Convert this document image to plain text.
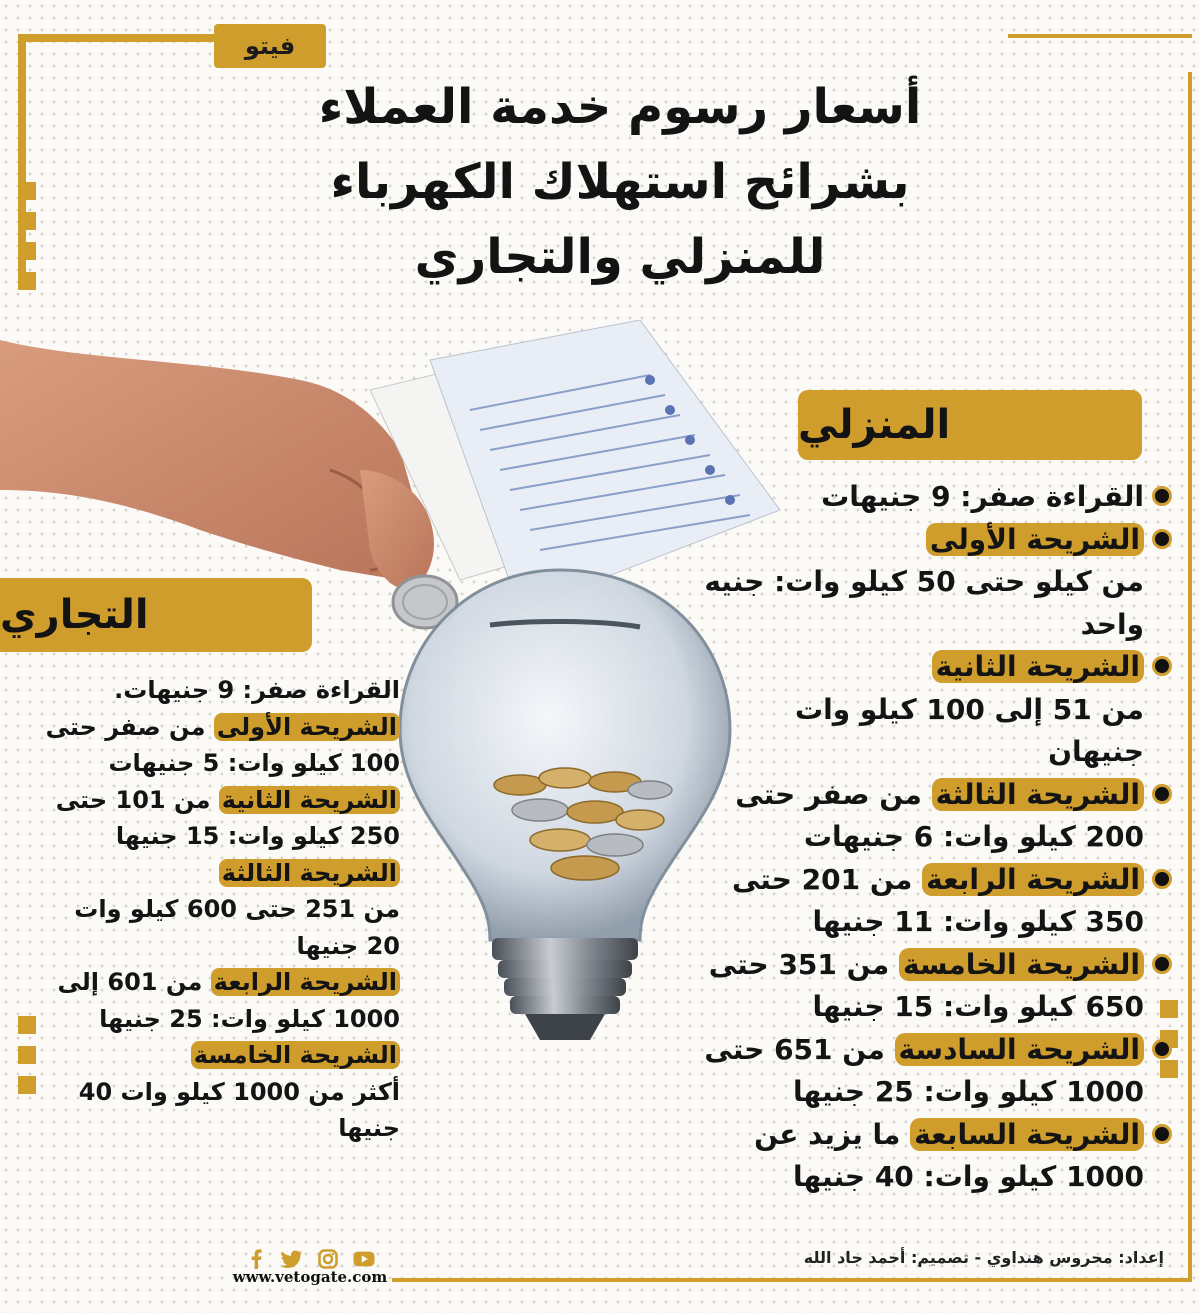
فيتو
أسعار رسوم خدمة العملاء
بشرائح استهلاك الكهرباء
للمنزلي والتجاري
المنزلي
القراءة صفر: 9 جنيهات
الشريحة الأولى
من كيلو حتى 50 كيلو وات: جنيه واحد
الشريحة الثانية
من 51 إلى 100 كيلو وات جنيهان
الشريحة الثالثة من صفر حتى 200 كيلو وات: 6 جنيهات
الشريحة الرابعة من 201 حتى 350 كيلو وات: 11 جنيها
الشريحة الخامسة من 351 حتى 650 كيلو وات: 15 جنيها
الشريحة السادسة من 651 حتى 1000 كيلو وات: 25 جنيها
الشريحة السابعة ما يزيد عن 1000 كيلو وات: 40 جنيها
التجاري
القراءة صفر: 9 جنيهات.
الشريحة الأولى من صفر حتى 100 كيلو وات: 5 جنيهات
الشريحة الثانية من 101 حتى 250 كيلو وات: 15 جنيها
الشريحة الثالثة
من 251 حتى 600 كيلو وات 20 جنيها
الشريحة الرابعة من 601 إلى 1000 كيلو وات: 25 جنيها
الشريحة الخامسة
أكثر من 1000 كيلو وات 40 جنيها
إعداد: محروس هنداوي - تصميم: أحمد جاد الله
www.vetogate.com
